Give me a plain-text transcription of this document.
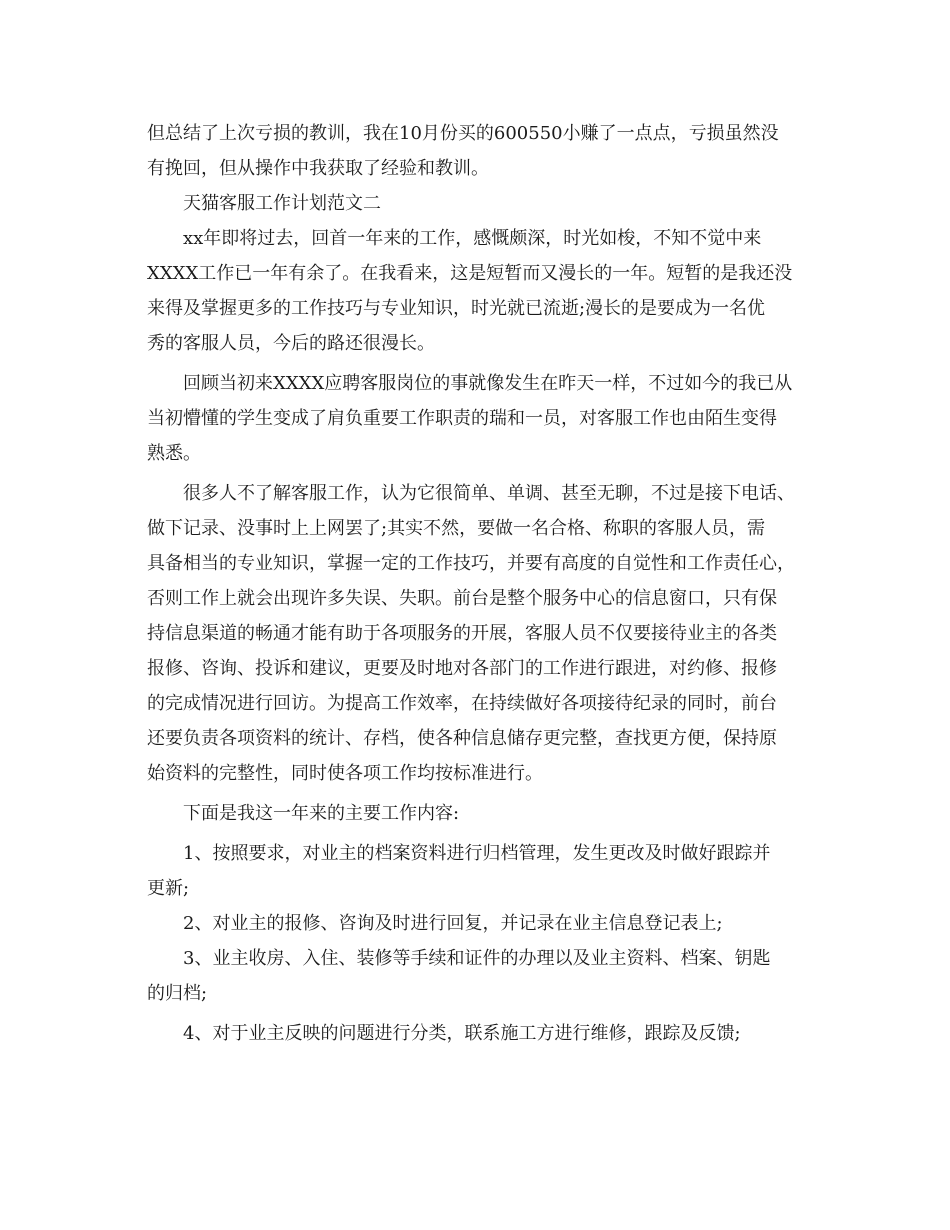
但总结了上次亏损的教训，我在10月份买的600550小赚了一点点，亏损虽然没
有挽回，但从操作中我获取了经验和教训。
天猫客服工作计划范文二
xx年即将过去，回首一年来的工作，感慨颇深，时光如梭，不知不觉中来
XXXX工作已一年有余了。在我看来，这是短暂而又漫长的一年。短暂的是我还没
来得及掌握更多的工作技巧与专业知识，时光就已流逝;漫长的是要成为一名优
秀的客服人员，今后的路还很漫长。
回顾当初来XXXX应聘客服岗位的事就像发生在昨天一样，不过如今的我已从
当初懵懂的学生变成了肩负重要工作职责的瑞和一员，对客服工作也由陌生变得
熟悉。
很多人不了解客服工作，认为它很简单、单调、甚至无聊，不过是接下电话、
做下记录、没事时上上网罢了;其实不然，要做一名合格、称职的客服人员，需
具备相当的专业知识，掌握一定的工作技巧，并要有高度的自觉性和工作责任心，
否则工作上就会出现许多失误、失职。前台是整个服务中心的信息窗口，只有保
持信息渠道的畅通才能有助于各项服务的开展，客服人员不仅要接待业主的各类
报修、咨询、投诉和建议，更要及时地对各部门的工作进行跟进，对约修、报修
的完成情况进行回访。为提高工作效率，在持续做好各项接待纪录的同时，前台
还要负责各项资料的统计、存档，使各种信息储存更完整，查找更方便，保持原
始资料的完整性，同时使各项工作均按标准进行。
下面是我这一年来的主要工作内容:
1、按照要求，对业主的档案资料进行归档管理，发生更改及时做好跟踪并
更新;
2、对业主的报修、咨询及时进行回复，并记录在业主信息登记表上;
3、业主收房、入住、装修等手续和证件的办理以及业主资料、档案、钥匙
的归档;
4、对于业主反映的问题进行分类，联系施工方进行维修，跟踪及反馈;
